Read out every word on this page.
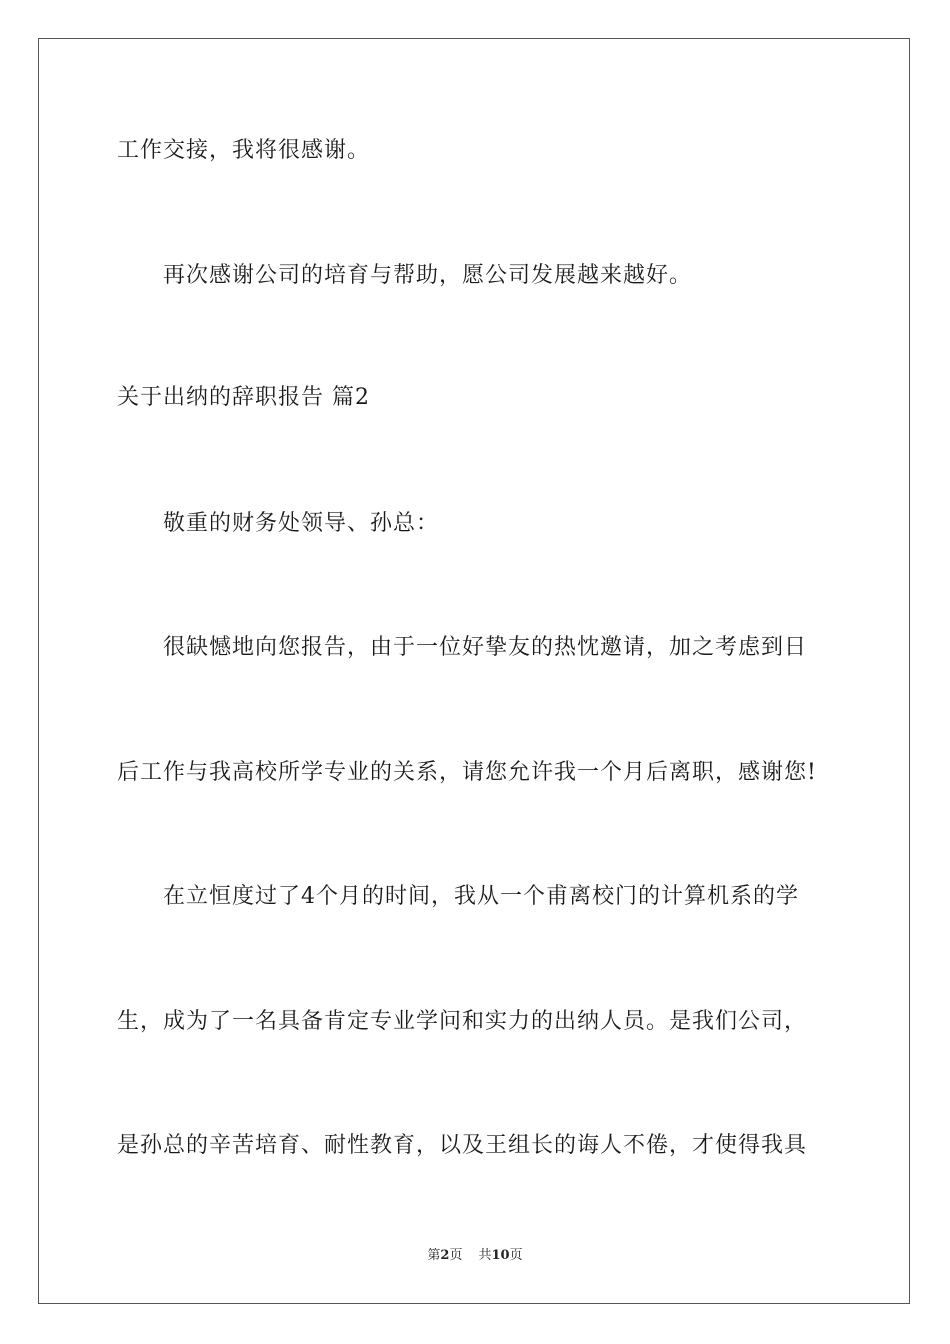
工作交接，我将很感谢。
再次感谢公司的培育与帮助，愿公司发展越来越好。
关于出纳的辞职报告 篇2
敬重的财务处领导、孙总：
很缺憾地向您报告，由于一位好挚友的热忱邀请，加之考虑到日
后工作与我高校所学专业的关系，请您允许我一个月后离职，感谢您!
在立恒度过了4个月的时间，我从一个甫离校门的计算机系的学
生，成为了一名具备肯定专业学问和实力的出纳人员。是我们公司，
是孙总的辛苦培育、耐性教育，以及王组长的诲人不倦，才使得我具
第2页 共10页
